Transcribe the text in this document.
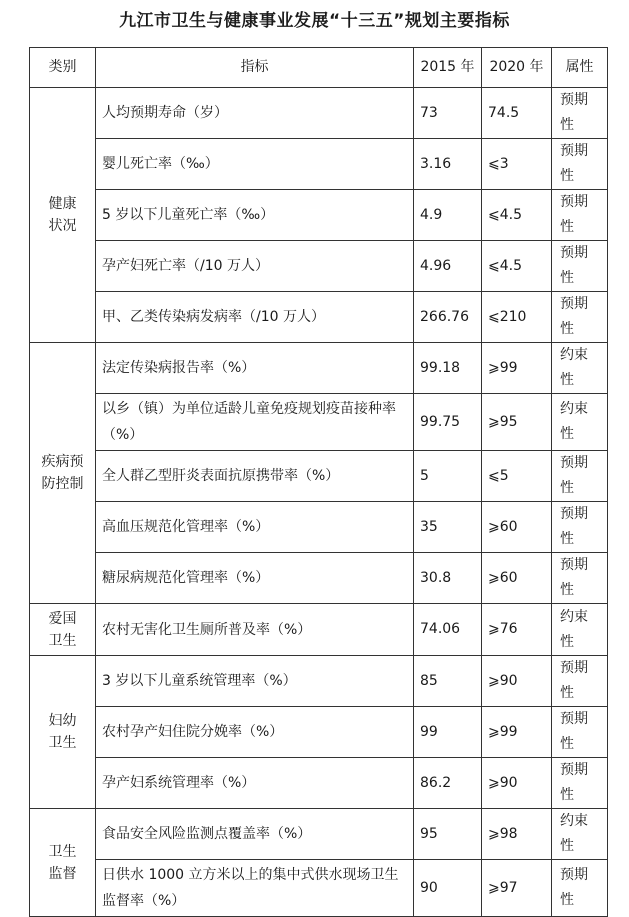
九江市卫生与健康事业发展“十三五”规划主要指标
类别	指标	2015 年	2020 年	属性
健康状况	人均预期寿命（岁）	73	74.5	预期性
	婴儿死亡率（‰）	3.16	⩽3	预期性
	5 岁以下儿童死亡率（‰）	4.9	⩽4.5	预期性
	孕产妇死亡率（/10 万人）	4.96	⩽4.5	预期性
	甲、乙类传染病发病率（/10 万人）	266.76	⩽210	预期性
疾病预防控制	法定传染病报告率（%）	99.18	⩾99	约束性
	以乡（镇）为单位适龄儿童免疫规划疫苗接种率（%）	99.75	⩾95	约束性
	全人群乙型肝炎表面抗原携带率（%）	5	⩽5	预期性
	高血压规范化管理率（%）	35	⩾60	预期性
	糖尿病规范化管理率（%）	30.8	⩾60	预期性
爱国卫生	农村无害化卫生厕所普及率（%）	74.06	⩾76	约束性
妇幼卫生	3 岁以下儿童系统管理率（%）	85	⩾90	预期性
	农村孕产妇住院分娩率（%）	99	⩾99	预期性
	孕产妇系统管理率（%）	86.2	⩾90	预期性
卫生监督	食品安全风险监测点覆盖率（%）	95	⩾98	约束性
	日供水 1000 立方米以上的集中式供水现场卫生监督率（%）	90	⩾97	预期性
